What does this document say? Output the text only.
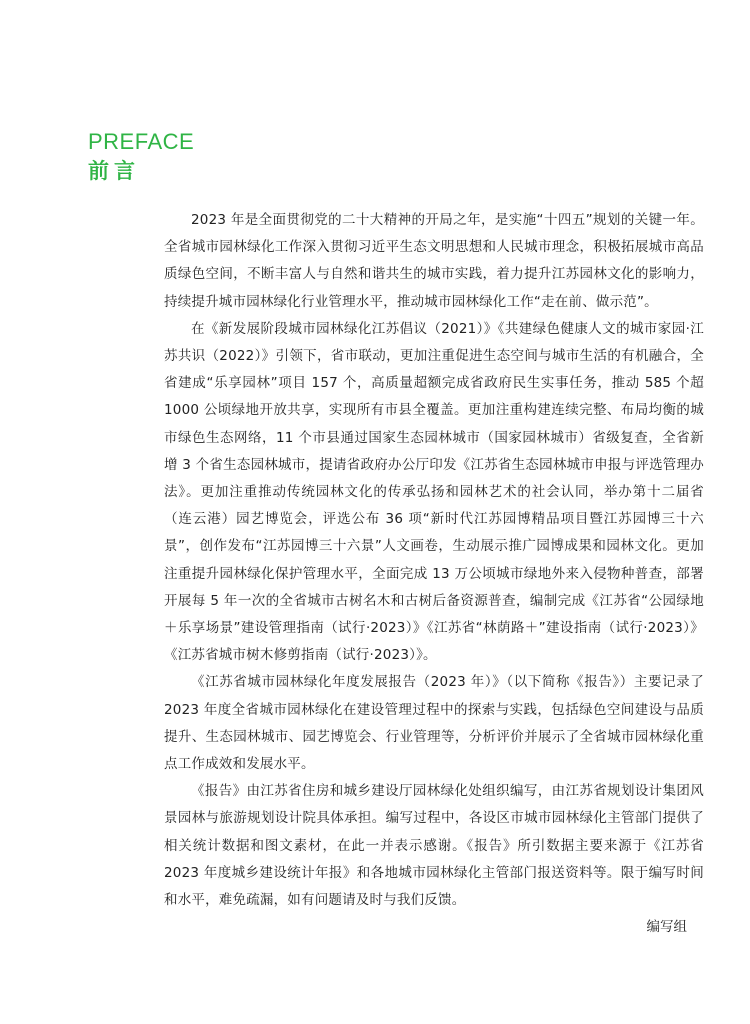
PREFACE
前言

2023 年是全面贯彻党的二十大精神的开局之年，是实施“十四五”规划的关键一年。全省城市园林绿化工作深入贯彻习近平生态文明思想和人民城市理念，积极拓展城市高品质绿色空间，不断丰富人与自然和谐共生的城市实践，着力提升江苏园林文化的影响力，持续提升城市园林绿化行业管理水平，推动城市园林绿化工作“走在前、做示范”。

在《新发展阶段城市园林绿化江苏倡议（2021）》《共建绿色健康人文的城市家园·江苏共识（2022）》引领下，省市联动，更加注重促进生态空间与城市生活的有机融合，全省建成“乐享园林”项目 157 个，高质量超额完成省政府民生实事任务，推动 585 个超 1000 公顷绿地开放共享，实现所有市县全覆盖。更加注重构建连续完整、布局均衡的城市绿色生态网络，11 个市县通过国家生态园林城市（国家园林城市）省级复查，全省新增 3 个省生态园林城市，提请省政府办公厅印发《江苏省生态园林城市申报与评选管理办法》。更加注重推动传统园林文化的传承弘扬和园林艺术的社会认同，举办第十二届省（连云港）园艺博览会，评选公布 36 项“新时代江苏园博精品项目暨江苏园博三十六景”，创作发布“江苏园博三十六景”人文画卷，生动展示推广园博成果和园林文化。更加注重提升园林绿化保护管理水平，全面完成 13 万公顷城市绿地外来入侵物种普查，部署开展每 5 年一次的全省城市古树名木和古树后备资源普查，编制完成《江苏省“公园绿地＋乐享场景”建设管理指南（试行·2023）》《江苏省“林荫路＋”建设指南（试行·2023）》《江苏省城市树木修剪指南（试行·2023）》。

《江苏省城市园林绿化年度发展报告（2023 年）》（以下简称《报告》）主要记录了 2023 年度全省城市园林绿化在建设管理过程中的探索与实践，包括绿色空间建设与品质提升、生态园林城市、园艺博览会、行业管理等，分析评价并展示了全省城市园林绿化重点工作成效和发展水平。

《报告》由江苏省住房和城乡建设厅园林绿化处组织编写，由江苏省规划设计集团风景园林与旅游规划设计院具体承担。编写过程中，各设区市城市园林绿化主管部门提供了相关统计数据和图文素材，在此一并表示感谢。《报告》所引数据主要来源于《江苏省 2023 年度城乡建设统计年报》和各地城市园林绿化主管部门报送资料等。限于编写时间和水平，难免疏漏，如有问题请及时与我们反馈。

编写组
